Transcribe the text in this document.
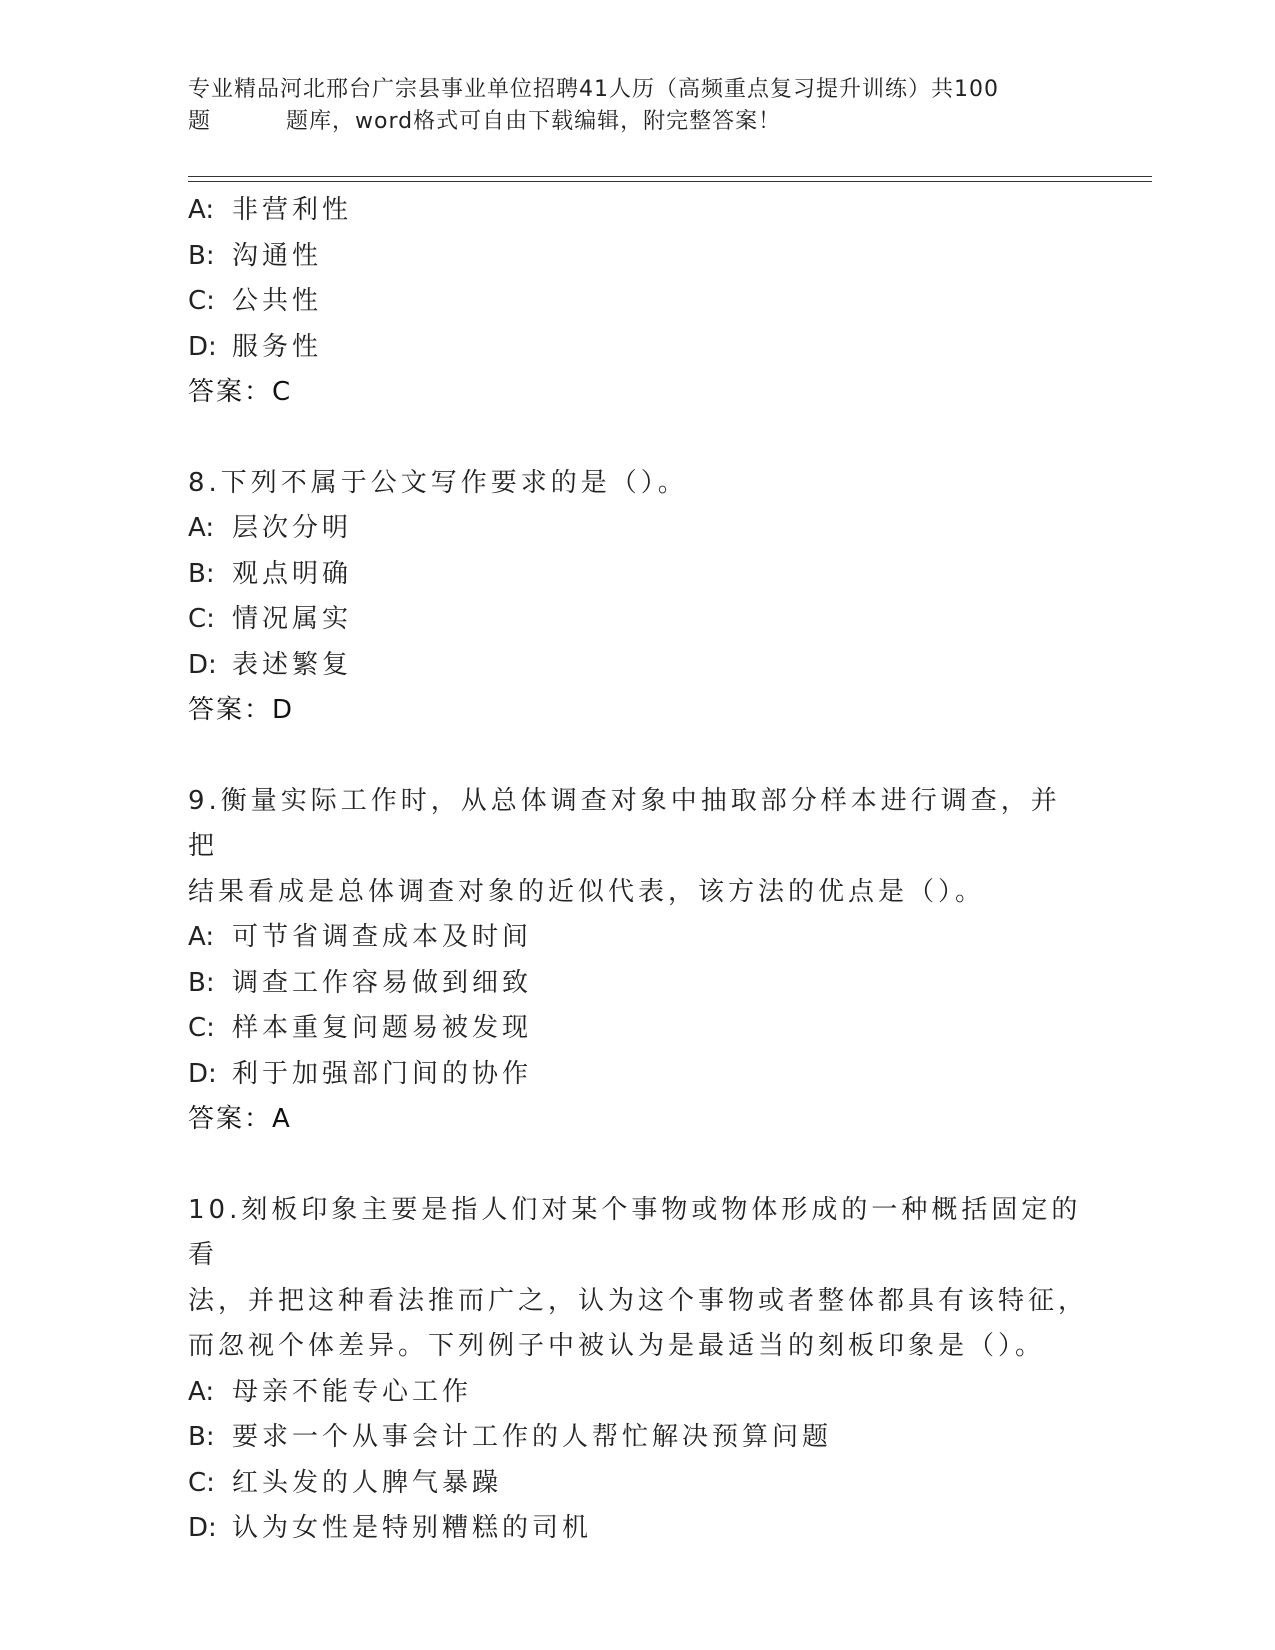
专业精品河北邢台广宗县事业单位招聘41人历（高频重点复习提升训练）共100
题	题库，word格式可自由下载编辑，附完整答案！
A: 非营利性
B: 沟通性
C: 公共性
D: 服务性
答案：C
8.下列不属于公文写作要求的是（）。
A: 层次分明
B: 观点明确
C: 情况属实
D: 表述繁复
答案：D
9.衡量实际工作时，从总体调查对象中抽取部分样本进行调查，并把
结果看成是总体调查对象的近似代表，该方法的优点是（）。
A: 可节省调查成本及时间
B: 调查工作容易做到细致
C: 样本重复问题易被发现
D: 利于加强部门间的协作
答案：A
10.刻板印象主要是指人们对某个事物或物体形成的一种概括固定的看
法，并把这种看法推而广之，认为这个事物或者整体都具有该特征，
而忽视个体差异。下列例子中被认为是最适当的刻板印象是（）。
A: 母亲不能专心工作
B: 要求一个从事会计工作的人帮忙解决预算问题
C: 红头发的人脾气暴躁
D: 认为女性是特别糟糕的司机
